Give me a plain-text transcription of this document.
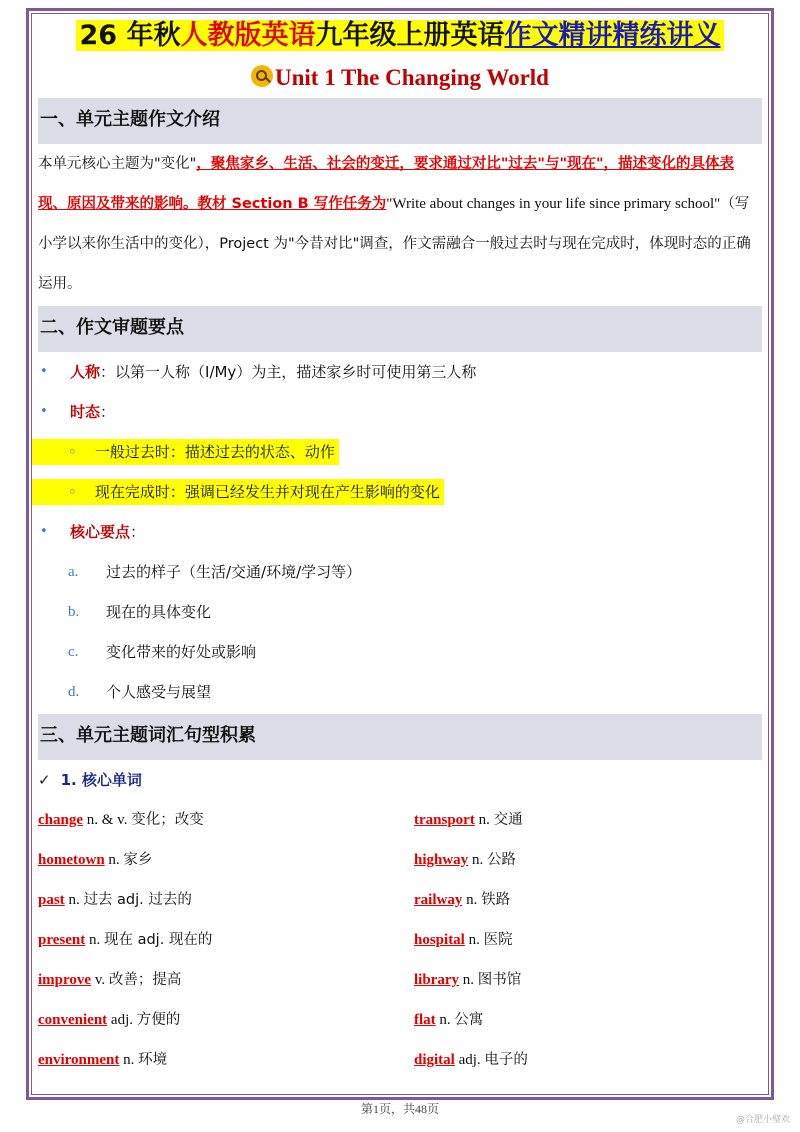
26 年秋人教版英语九年级上册英语作文精讲精练讲义
Unit 1 The Changing World
一、单元主题作文介绍
本单元核心主题为"变化"，聚焦家乡、生活、社会的变迁，要求通过对比"过去"与"现在"，描述变化的具体表现、原因及带来的影响。教材 Section B 写作任务为"Write about changes in your life since primary school"（写小学以来你生活中的变化），Project 为"今昔对比"调查，作文需融合一般过去时与现在完成时，体现时态的正确运用。
二、作文审题要点
• 人称：以第一人称（I/My）为主，描述家乡时可使用第三人称
• 时态：
◦ 一般过去时：描述过去的状态、动作
◦ 现在完成时：强调已经发生并对现在产生影响的变化
• 核心要点：
a. 过去的样子（生活/交通/环境/学习等）
b. 现在的具体变化
c. 变化带来的好处或影响
d. 个人感受与展望
三、单元主题词汇句型积累
✓ 1. 核心单词
change n. & v. 变化；改变	transport n. 交通
hometown n. 家乡	highway n. 公路
past n. 过去 adj. 过去的	railway n. 铁路
present n. 现在 adj. 现在的	hospital n. 医院
improve v. 改善；提高	library n. 图书馆
convenient adj. 方便的	flat n. 公寓
environment n. 环境	digital adj. 电子的
第1页，共48页
@合肥小璧欢
